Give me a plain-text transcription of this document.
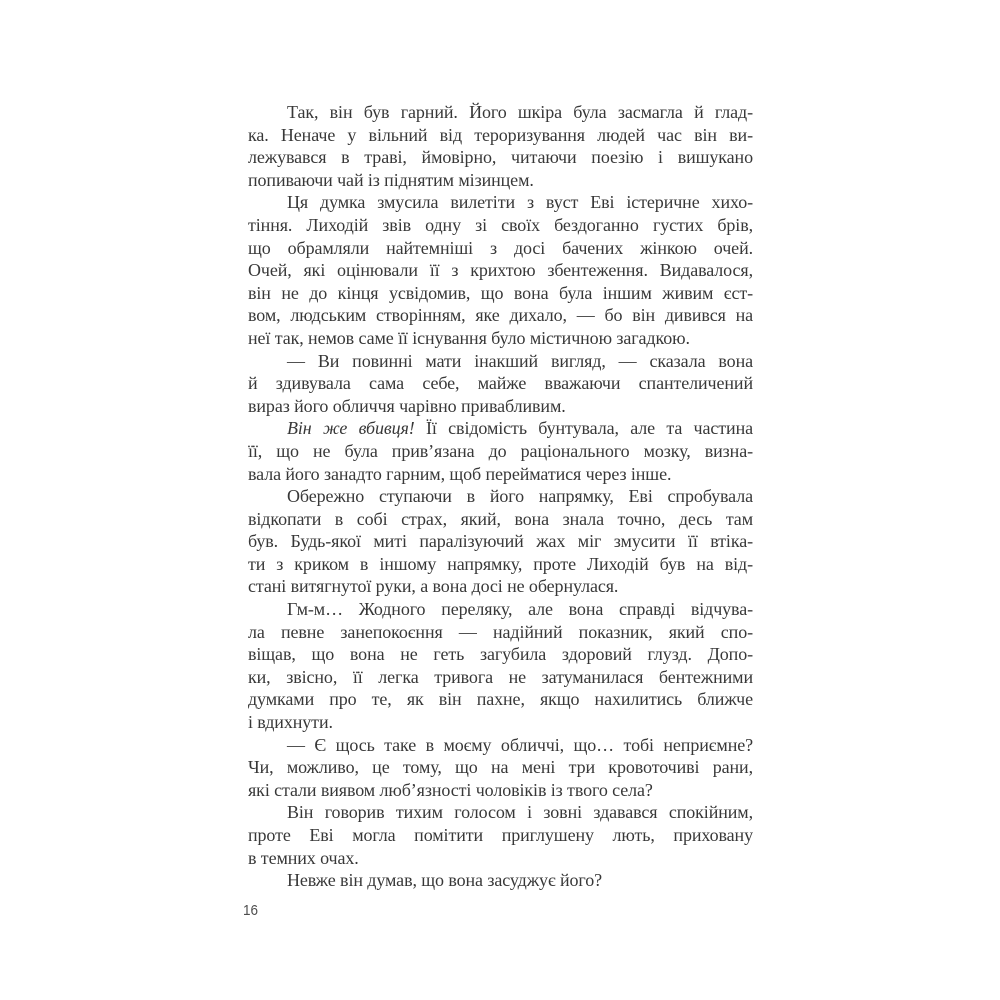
Так, він був гарний. Його шкіра була засмагла й глад-
ка. Неначе у вільний від тероризування людей час він ви-
лежувався в траві, ймовірно, читаючи поезію і вишукано
попиваючи чай із піднятим мізинцем.

Ця думка змусила вилетіти з вуст Еві істеричне хихо-
тіння. Лиходій звів одну зі своїх бездоганно густих брів,
що обрамляли найтемніші з досі бачених жінкою очей.
Очей, які оцінювали її з крихтою збентеження. Видавалося,
він не до кінця усвідомив, що вона була іншим живим єст-
вом, людським створінням, яке дихало, — бо він дивився на
неї так, немов саме її існування було містичною загадкою.

— Ви повинні мати інакший вигляд, — сказала вона
й здивувала сама себе, майже вважаючи спантеличений
вираз його обличчя чарівно привабливим.

Він же вбивця! Її свідомість бунтувала, але та частина
її, що не була прив’язана до раціонального мозку, визна-
вала його занадто гарним, щоб перейматися через інше.

Обережно ступаючи в його напрямку, Еві спробувала
відкопати в собі страх, який, вона знала точно, десь там
був. Будь-якої миті паралізуючий жах міг змусити її втіка-
ти з криком в іншому напрямку, проте Лиходій був на від-
стані витягнутої руки, а вона досі не обернулася.

Гм-м… Жодного переляку, але вона справді відчува-
ла певне занепокоєння — надійний показник, який спо-
віщав, що вона не геть загубила здоровий глузд. Допо-
ки, звісно, її легка тривога не затуманилася бентежними
думками про те, як він пахне, якщо нахилитись ближче
і вдихнути.

— Є щось таке в моєму обличчі, що… тобі неприємне?
Чи, можливо, це тому, що на мені три кровоточиві рани,
які стали виявом люб’язності чоловіків із твого села?

Він говорив тихим голосом і зовні здавався спокійним,
проте Еві могла помітити приглушену лють, приховану
в темних очах.

Невже він думав, що вона засуджує його?

16
